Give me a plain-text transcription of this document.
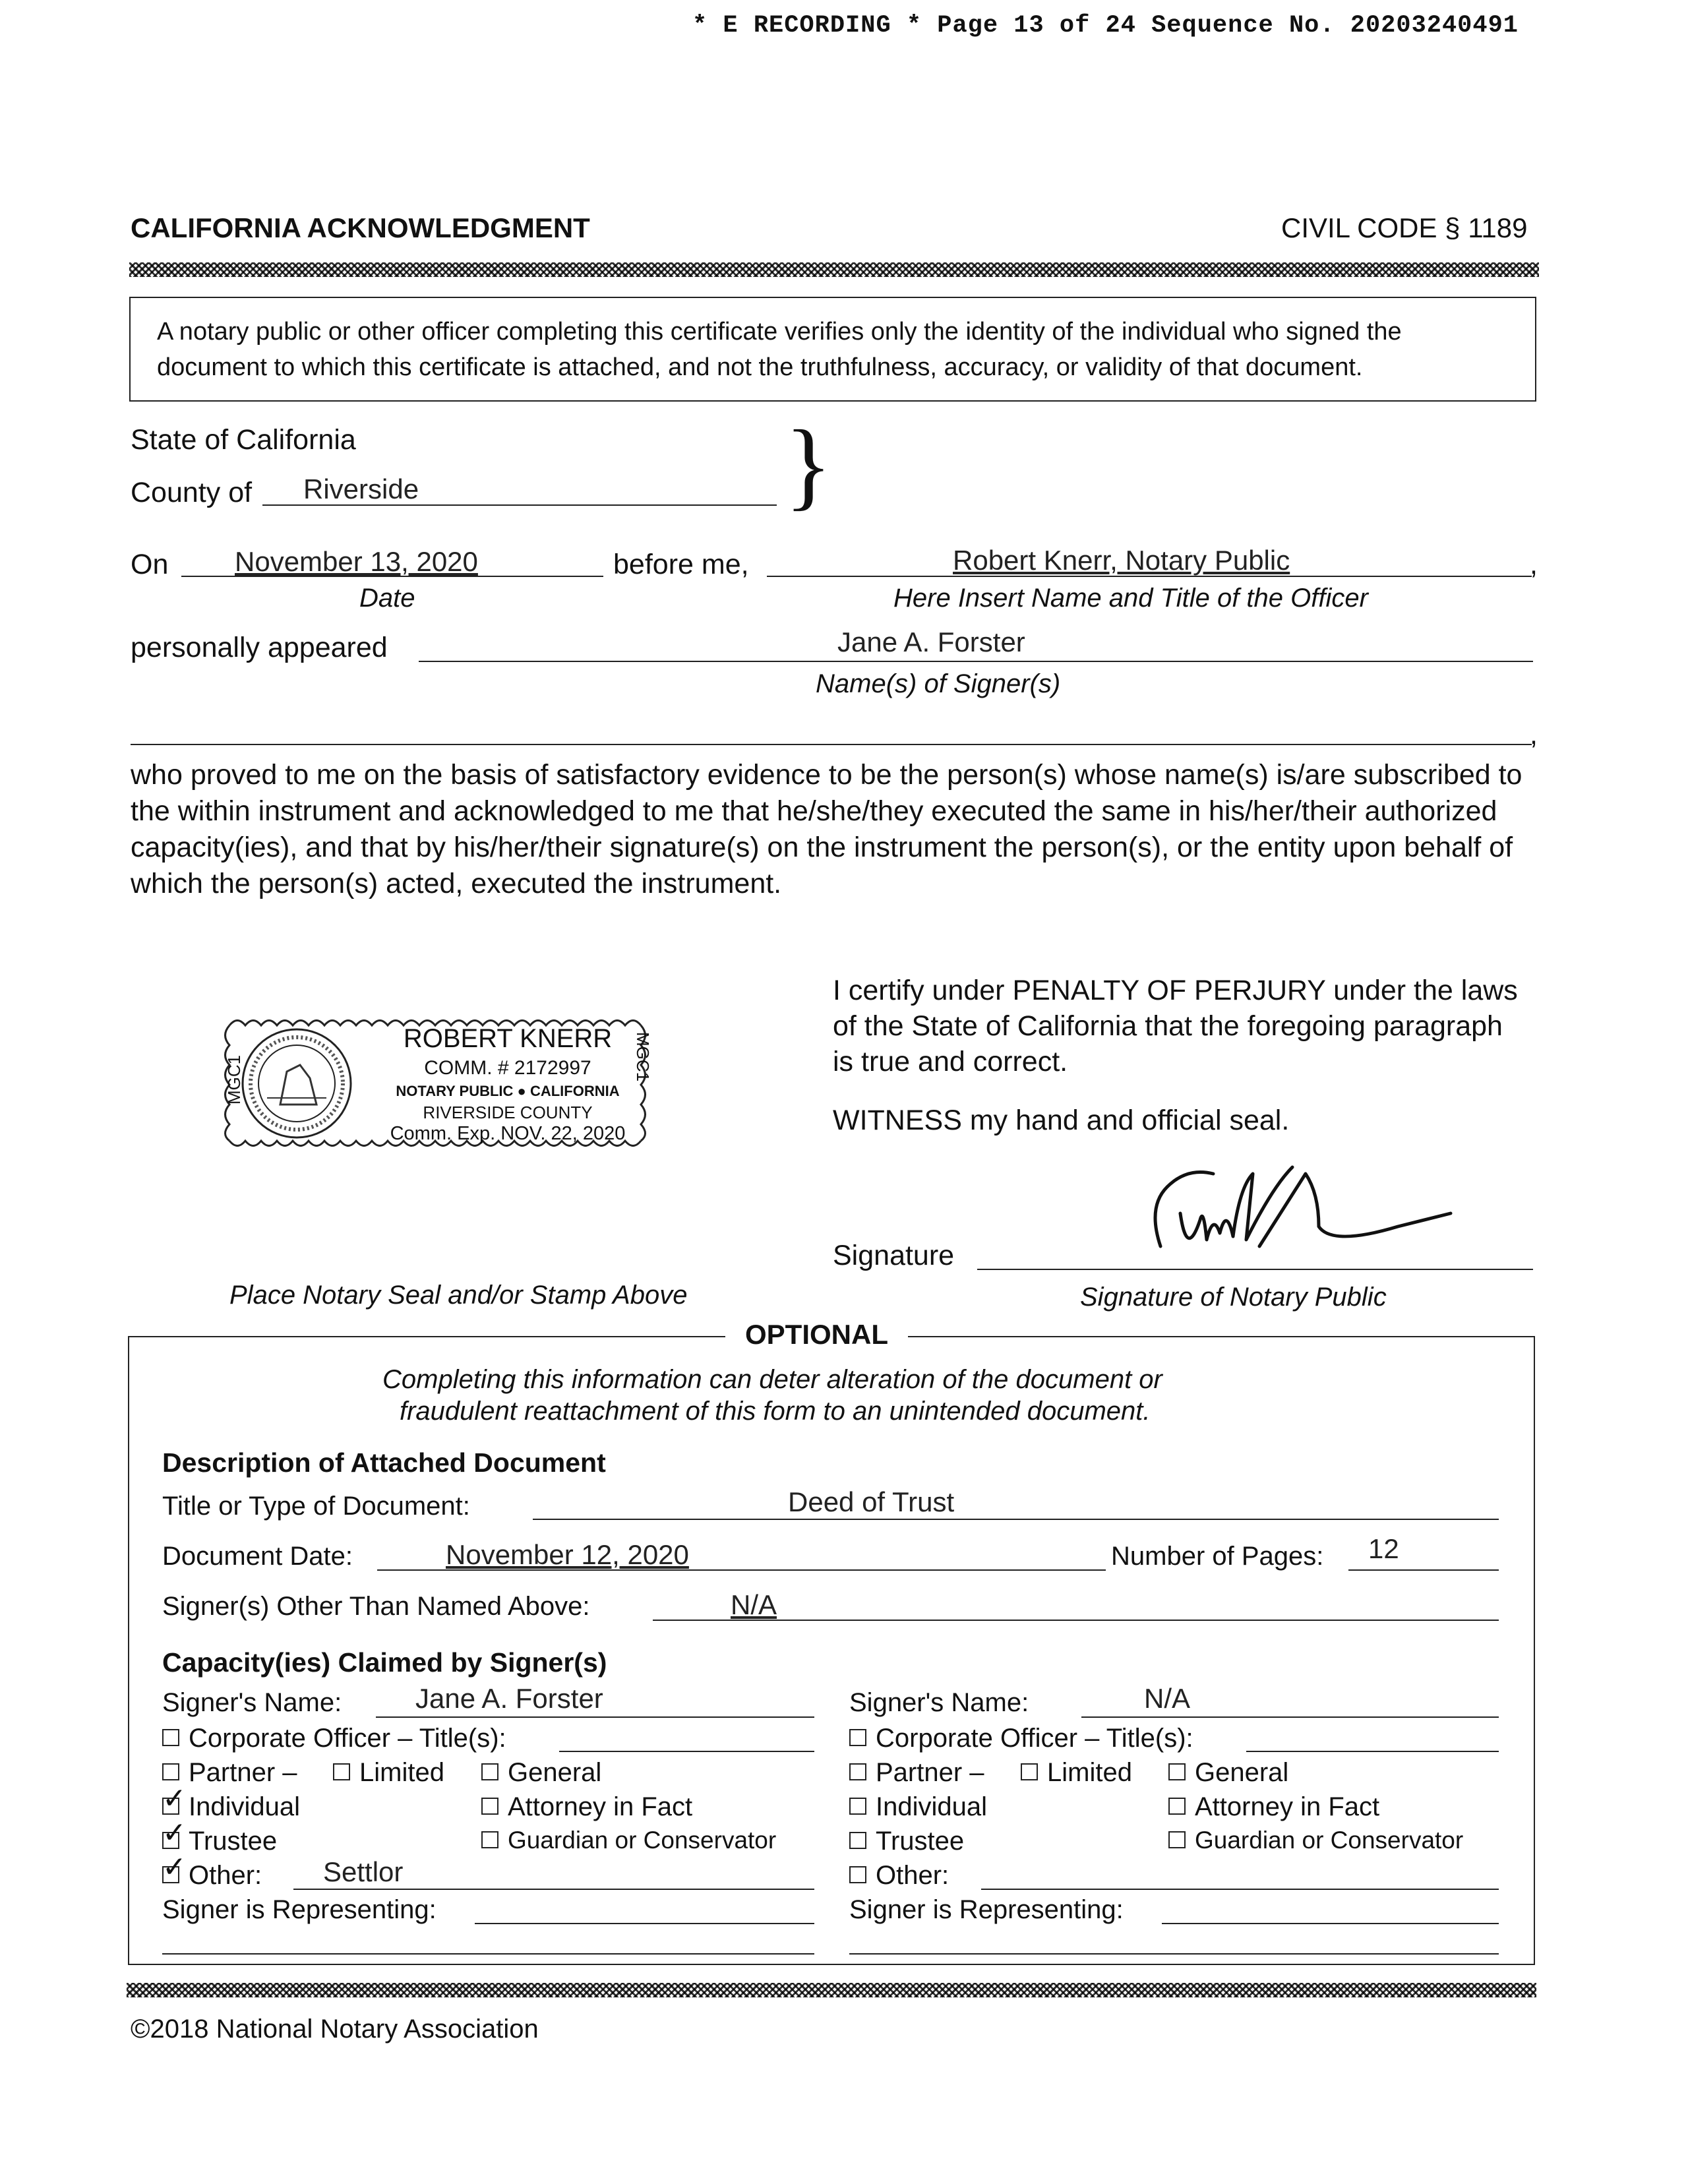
* E RECORDING * Page 13 of 24 Sequence No. 20203240491
CALIFORNIA ACKNOWLEDGMENT	CIVIL CODE § 1189
A notary public or other officer completing this certificate verifies only the identity of the individual who signed the document to which this certificate is attached, and not the truthfulness, accuracy, or validity of that document.
State of California
County of Riverside	}
On November 13, 2020	before me,	Robert Knerr, Notary Public	,
Date	Here Insert Name and Title of the Officer
personally appeared	Jane A. Forster
Name(s) of Signer(s)
,
who proved to me on the basis of satisfactory evidence to be the person(s) whose name(s) is/are subscribed to the within instrument and acknowledged to me that he/she/they executed the same in his/her/their authorized capacity(ies), and that by his/her/their signature(s) on the instrument the person(s), or the entity upon behalf of which the person(s) acted, executed the instrument.
I certify under PENALTY OF PERJURY under the laws of the State of California that the foregoing paragraph is true and correct.
WITNESS my hand and official seal.
MGC1	MGC1
ROBERT KNERR
COMM. # 2172997
NOTARY PUBLIC ● CALIFORNIA
RIVERSIDE COUNTY
Comm. Exp. NOV. 22, 2020
Signature
Signature of Notary Public
Place Notary Seal and/or Stamp Above
OPTIONAL
Completing this information can deter alteration of the document or
fraudulent reattachment of this form to an unintended document.
Description of Attached Document
Title or Type of Document:	Deed of Trust
Document Date:	November 12, 2020	Number of Pages: 12
Signer(s) Other Than Named Above:	N/A
Capacity(ies) Claimed by Signer(s)
Signer's Name:	Jane A. Forster
Corporate Officer – Title(s):
Partner –	Limited	General
✓Individual	Attorney in Fact
✓Trustee	Guardian or Conservator
✓Other: Settlor
Signer is Representing:
Signer's Name:	N/A
Corporate Officer – Title(s):
Partner –	Limited	General
Individual	Attorney in Fact
Trustee	Guardian or Conservator
Other:
Signer is Representing:
©2018 National Notary Association
